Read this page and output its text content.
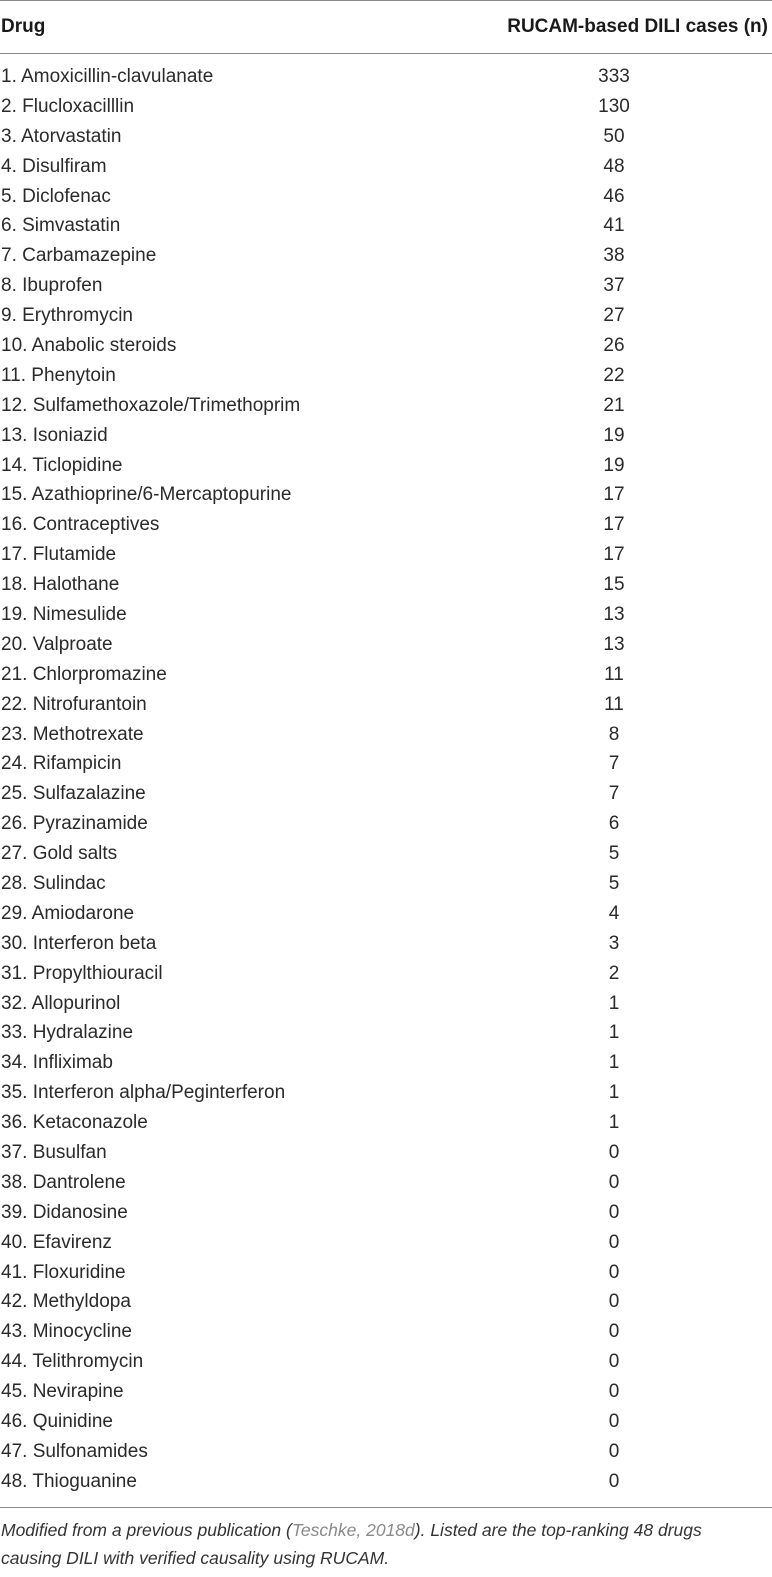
Drug	RUCAM-based DILI cases (n)
1. Amoxicillin-clavulanate	333
2. Flucloxacilllin	130
3. Atorvastatin	50
4. Disulfiram	48
5. Diclofenac	46
6. Simvastatin	41
7. Carbamazepine	38
8. Ibuprofen	37
9. Erythromycin	27
10. Anabolic steroids	26
11. Phenytoin	22
12. Sulfamethoxazole/Trimethoprim	21
13. Isoniazid	19
14. Ticlopidine	19
15. Azathioprine/6-Mercaptopurine	17
16. Contraceptives	17
17. Flutamide	17
18. Halothane	15
19. Nimesulide	13
20. Valproate	13
21. Chlorpromazine	11
22. Nitrofurantoin	11
23. Methotrexate	8
24. Rifampicin	7
25. Sulfazalazine	7
26. Pyrazinamide	6
27. Gold salts	5
28. Sulindac	5
29. Amiodarone	4
30. Interferon beta	3
31. Propylthiouracil	2
32. Allopurinol	1
33. Hydralazine	1
34. Infliximab	1
35. Interferon alpha/Peginterferon	1
36. Ketaconazole	1
37. Busulfan	0
38. Dantrolene	0
39. Didanosine	0
40. Efavirenz	0
41. Floxuridine	0
42. Methyldopa	0
43. Minocycline	0
44. Telithromycin	0
45. Nevirapine	0
46. Quinidine	0
47. Sulfonamides	0
48. Thioguanine	0
Modified from a previous publication (Teschke, 2018d). Listed are the top-ranking 48 drugs causing DILI with verified causality using RUCAM.
